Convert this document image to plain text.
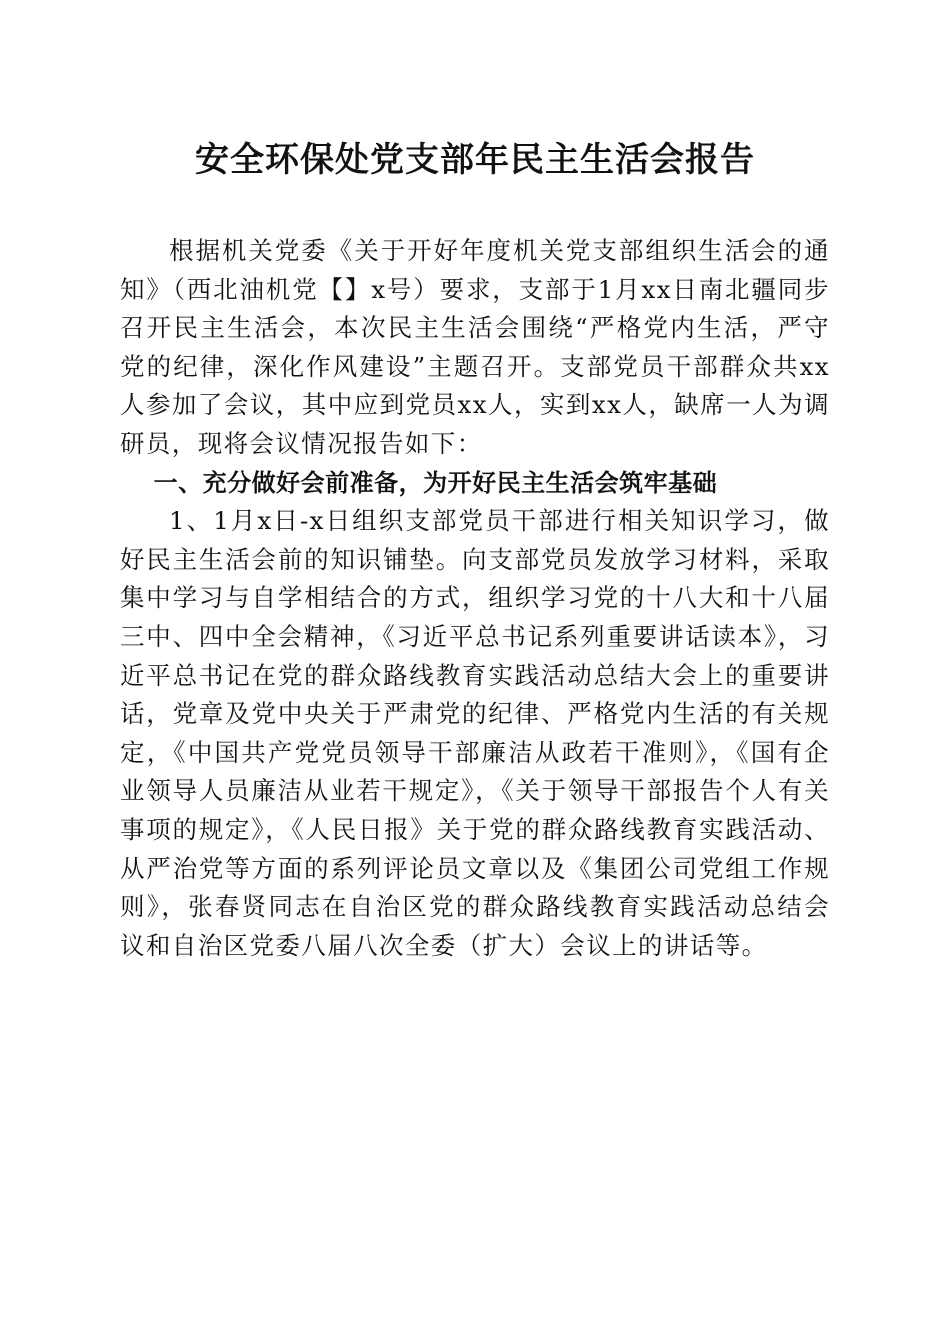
安全环保处党支部年民主生活会报告

根据机关党委《关于开好年度机关党支部组织生活会的通知》（西北油机党【】x号）要求，支部于1月xx日南北疆同步召开民主生活会，本次民主生活会围绕“严格党内生活，严守党的纪律，深化作风建设”主题召开。支部党员干部群众共xx人参加了会议，其中应到党员xx人，实到xx人，缺席一人为调研员，现将会议情况报告如下：

一、充分做好会前准备，为开好民主生活会筑牢基础

1、1月x日-x日组织支部党员干部进行相关知识学习，做好民主生活会前的知识铺垫。向支部党员发放学习材料，采取集中学习与自学相结合的方式，组织学习党的十八大和十八届三中、四中全会精神，《习近平总书记系列重要讲话读本》，习近平总书记在党的群众路线教育实践活动总结大会上的重要讲话，党章及党中央关于严肃党的纪律、严格党内生活的有关规定，《中国共产党党员领导干部廉洁从政若干准则》，《国有企业领导人员廉洁从业若干规定》，《关于领导干部报告个人有关事项的规定》，《人民日报》关于党的群众路线教育实践活动、从严治党等方面的系列评论员文章以及《集团公司党组工作规则》，张春贤同志在自治区党的群众路线教育实践活动总结会议和自治区党委八届八次全委（扩大）会议上的讲话等。
